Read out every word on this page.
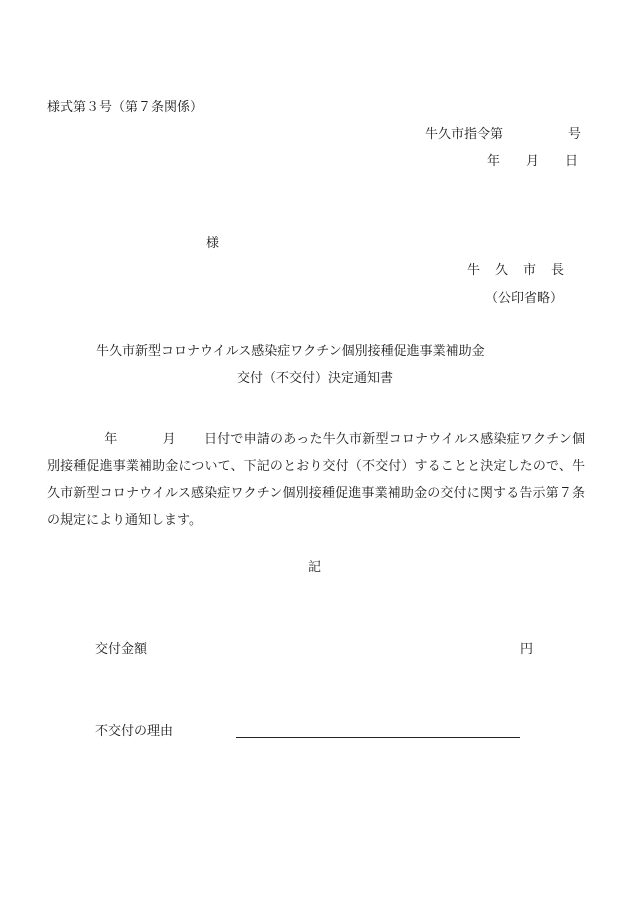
様式第３号（第７条関係）
牛久市指令第	号
年 月 日
様
牛久市長
（公印省略）
牛久市新型コロナウイルス感染症ワクチン個別接種促進事業補助金
交付（不交付）決定通知書
年	月 日付で申請のあった牛久市新型コロナウイルス感染症ワクチン個別接種促進事業補助金について、下記のとおり交付（不交付）することと決定したので、牛久市新型コロナウイルス感染症ワクチン個別接種促進事業補助金の交付に関する告示第７条の規定により通知します。
記
交付金額	円
不交付の理由
